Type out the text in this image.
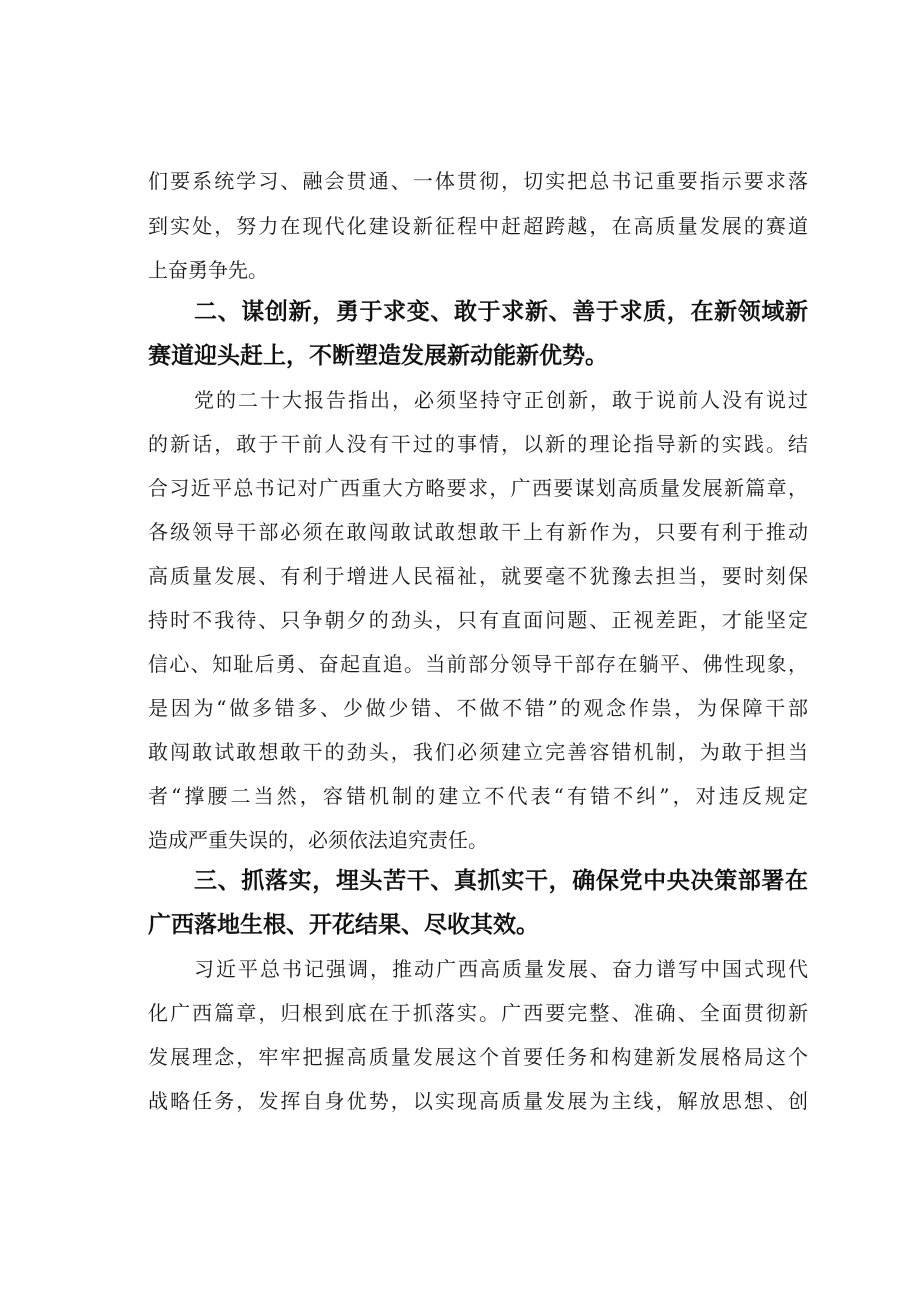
们要系统学习、融会贯通、一体贯彻，切实把总书记重要指示要求落
到实处，努力在现代化建设新征程中赶超跨越，在高质量发展的赛道
上奋勇争先。
二、谋创新，勇于求变、敢于求新、善于求质，在新领域新
赛道迎头赶上，不断塑造发展新动能新优势。
党的二十大报告指出，必须坚持守正创新，敢于说前人没有说过
的新话，敢于干前人没有干过的事情，以新的理论指导新的实践。结
合习近平总书记对广西重大方略要求，广西要谋划高质量发展新篇章，
各级领导干部必须在敢闯敢试敢想敢干上有新作为，只要有利于推动
高质量发展、有利于增进人民福祉，就要毫不犹豫去担当，要时刻保
持时不我待、只争朝夕的劲头，只有直面问题、正视差距，才能坚定
信心、知耻后勇、奋起直追。当前部分领导干部存在躺平、佛性现象，
是因为“做多错多、少做少错、不做不错”的观念作祟，为保障干部
敢闯敢试敢想敢干的劲头，我们必须建立完善容错机制，为敢于担当
者“撑腰二当然，容错机制的建立不代表“有错不纠”，对违反规定
造成严重失误的，必须依法追究责任。
三、抓落实，埋头苦干、真抓实干，确保党中央决策部署在
广西落地生根、开花结果、尽收其效。
习近平总书记强调，推动广西高质量发展、奋力谱写中国式现代
化广西篇章，归根到底在于抓落实。广西要完整、准确、全面贯彻新
发展理念，牢牢把握高质量发展这个首要任务和构建新发展格局这个
战略任务，发挥自身优势，以实现高质量发展为主线，解放思想、创
